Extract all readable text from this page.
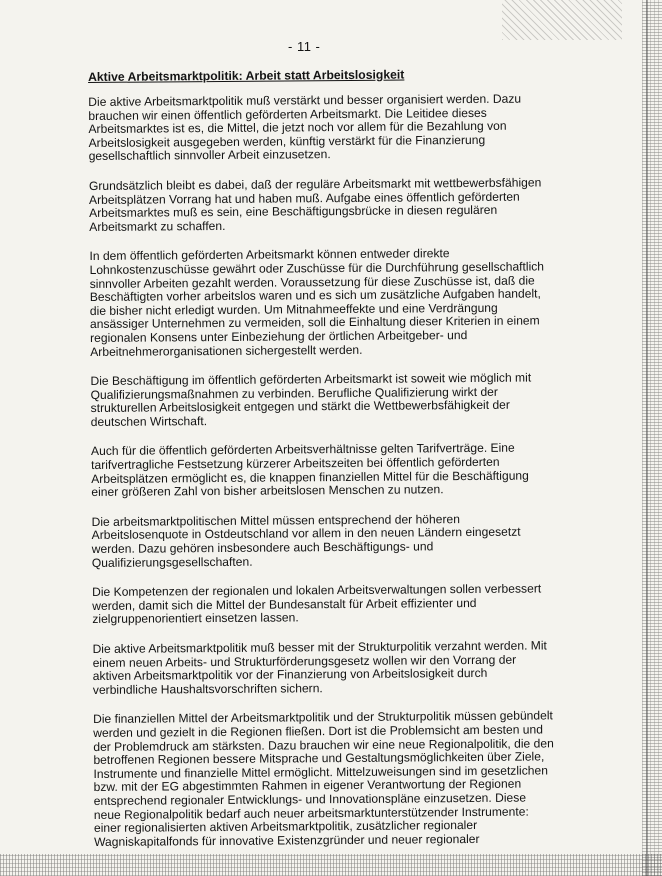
- 11 -
Aktive Arbeitsmarktpolitik: Arbeit statt Arbeitslosigkeit
Die aktive Arbeitsmarktpolitik muß verstärkt und besser organisiert werden. Dazu
brauchen wir einen öffentlich geförderten Arbeitsmarkt. Die Leitidee dieses
Arbeitsmarktes ist es, die Mittel, die jetzt noch vor allem für die Bezahlung von
Arbeitslosigkeit ausgegeben werden, künftig verstärkt für die Finanzierung
gesellschaftlich sinnvoller Arbeit einzusetzen.
Grundsätzlich bleibt es dabei, daß der reguläre Arbeitsmarkt mit wettbewerbsfähigen
Arbeitsplätzen Vorrang hat und haben muß. Aufgabe eines öffentlich geförderten
Arbeitsmarktes muß es sein, eine Beschäftigungsbrücke in diesen regulären
Arbeitsmarkt zu schaffen.
In dem öffentlich geförderten Arbeitsmarkt können entweder direkte
Lohnkostenzuschüsse gewährt oder Zuschüsse für die Durchführung gesellschaftlich
sinnvoller Arbeiten gezahlt werden. Voraussetzung für diese Zuschüsse ist, daß die
Beschäftigten vorher arbeitslos waren und es sich um zusätzliche Aufgaben handelt,
die bisher nicht erledigt wurden. Um Mitnahmeeffekte und eine Verdrängung
ansässiger Unternehmen zu vermeiden, soll die Einhaltung dieser Kriterien in einem
regionalen Konsens unter Einbeziehung der örtlichen Arbeitgeber- und
Arbeitnehmerorganisationen sichergestellt werden.
Die Beschäftigung im öffentlich geförderten Arbeitsmarkt ist soweit wie möglich mit
Qualifizierungsmaßnahmen zu verbinden. Berufliche Qualifizierung wirkt der
strukturellen Arbeitslosigkeit entgegen und stärkt die Wettbewerbsfähigkeit der
deutschen Wirtschaft.
Auch für die öffentlich geförderten Arbeitsverhältnisse gelten Tarifverträge. Eine
tarifvertragliche Festsetzung kürzerer Arbeitszeiten bei öffentlich geförderten
Arbeitsplätzen ermöglicht es, die knappen finanziellen Mittel für die Beschäftigung
einer größeren Zahl von bisher arbeitslosen Menschen zu nutzen.
Die arbeitsmarktpolitischen Mittel müssen entsprechend der höheren
Arbeitslosenquote in Ostdeutschland vor allem in den neuen Ländern eingesetzt
werden. Dazu gehören insbesondere auch Beschäftigungs- und
Qualifizierungsgesellschaften.
Die Kompetenzen der regionalen und lokalen Arbeitsverwaltungen sollen verbessert
werden, damit sich die Mittel der Bundesanstalt für Arbeit effizienter und
zielgruppenorientiert einsetzen lassen.
Die aktive Arbeitsmarktpolitik muß besser mit der Strukturpolitik verzahnt werden. Mit
einem neuen Arbeits- und Strukturförderungsgesetz wollen wir den Vorrang der
aktiven Arbeitsmarktpolitik vor der Finanzierung von Arbeitslosigkeit durch
verbindliche Haushaltsvorschriften sichern.
Die finanziellen Mittel der Arbeitsmarktpolitik und der Strukturpolitik müssen gebündelt
werden und gezielt in die Regionen fließen. Dort ist die Problemsicht am besten und
der Problemdruck am stärksten. Dazu brauchen wir eine neue Regionalpolitik, die den
betroffenen Regionen bessere Mitsprache und Gestaltungsmöglichkeiten über Ziele,
Instrumente und finanzielle Mittel ermöglicht. Mittelzuweisungen sind im gesetzlichen
bzw. mit der EG abgestimmten Rahmen in eigener Verantwortung der Regionen
entsprechend regionaler Entwicklungs- und Innovationspläne einzusetzen. Diese
neue Regionalpolitik bedarf auch neuer arbeitsmarktunterstützender Instrumente:
einer regionalisierten aktiven Arbeitsmarktpolitik, zusätzlicher regionaler
Wagniskapitalfonds für innovative Existenzgründer und neuer regionaler
